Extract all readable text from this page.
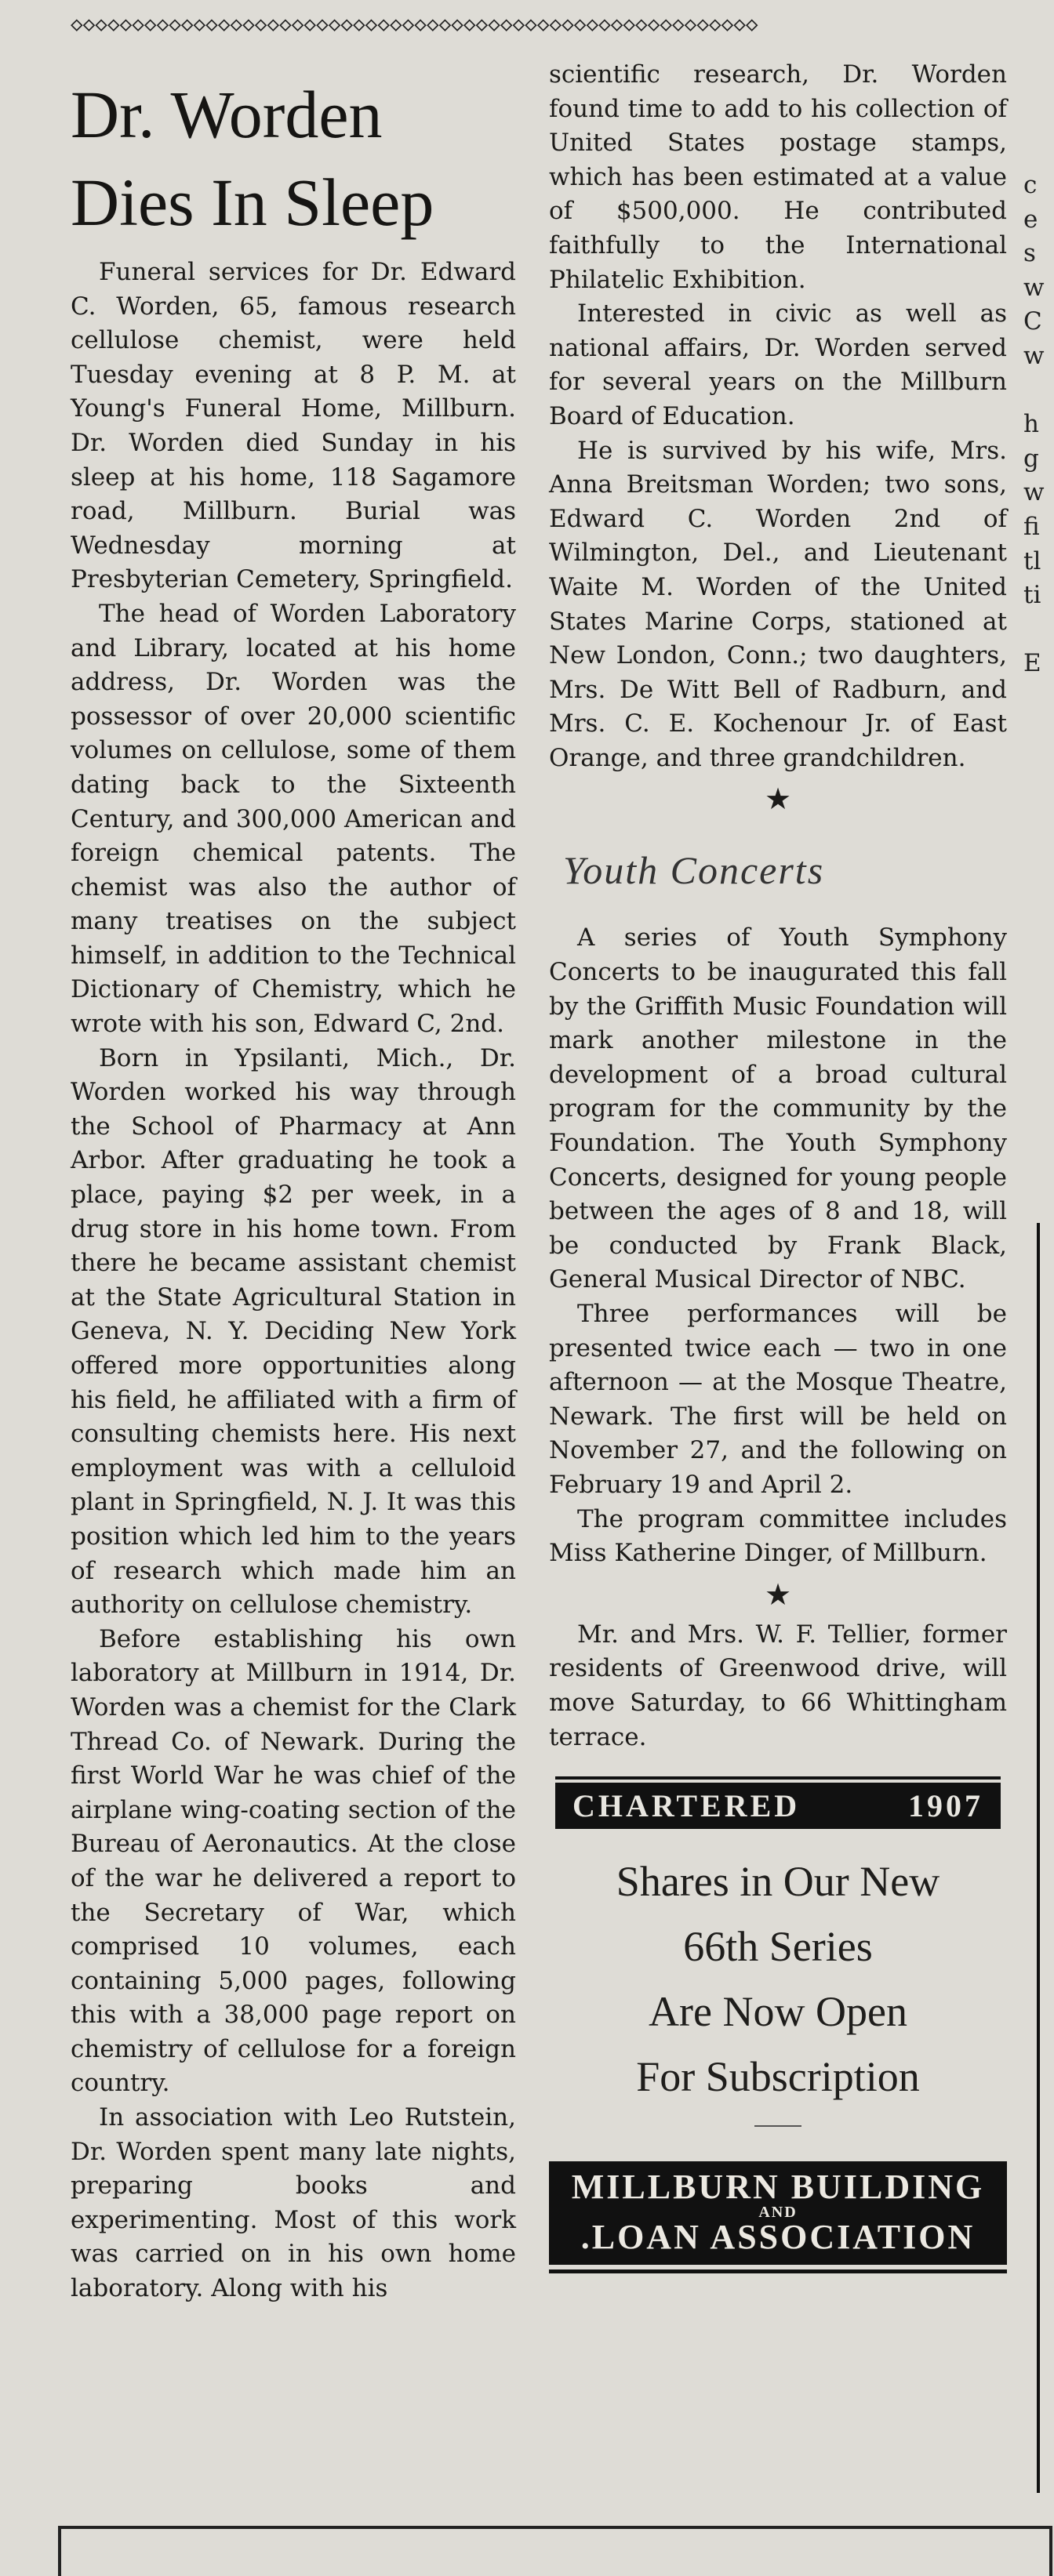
◇◇◇◇◇◇◇◇◇◇◇◇◇◇◇◇◇◇◇◇◇◇◇◇◇◇◇◇◇◇◇◇◇◇◇◇◇◇◇◇◇◇◇◇◇◇◇◇◇◇◇◇◇◇◇◇
Dr. Worden Dies In Sleep

Funeral services for Dr. Edward C. Worden, 65, famous research cellulose chemist, were held Tuesday evening at 8 P. M. at Young's Funeral Home, Millburn. Dr. Worden died Sunday in his sleep at his home, 118 Sagamore road, Millburn. Burial was Wednesday morning at Presbyterian Cemetery, Springfield.

The head of Worden Laboratory and Library, located at his home address, Dr. Worden was the possessor of over 20,000 scientific volumes on cellulose, some of them dating back to the Sixteenth Century, and 300,000 American and foreign chemical patents. The chemist was also the author of many treatises on the subject himself, in addition to the Technical Dictionary of Chemistry, which he wrote with his son, Edward C, 2nd.

Born in Ypsilanti, Mich., Dr. Worden worked his way through the School of Pharmacy at Ann Arbor. After graduating he took a place, paying $2 per week, in a drug store in his home town. From there he became assistant chemist at the State Agricultural Station in Geneva, N. Y. Deciding New York offered more opportunities along his field, he affiliated with a firm of consulting chemists here. His next employment was with a celluloid plant in Springfield, N. J. It was this position which led him to the years of research which made him an authority on cellulose chemistry.

Before establishing his own laboratory at Millburn in 1914, Dr. Worden was a chemist for the Clark Thread Co. of Newark. During the first World War he was chief of the airplane wing-coating section of the Bureau of Aeronautics. At the close of the war he delivered a report to the Secretary of War, which comprised 10 volumes, each containing 5,000 pages, following this with a 38,000 page report on chemistry of cellulose for a foreign country.

In association with Leo Rutstein, Dr. Worden spent many late nights, preparing books and experimenting. Most of this work was carried on in his own home laboratory. Along with his

scientific research, Dr. Worden found time to add to his collection of United States postage stamps, which has been estimated at a value of $500,000. He contributed faithfully to the International Philatelic Exhibition.

Interested in civic as well as national affairs, Dr. Worden served for several years on the Millburn Board of Education.

He is survived by his wife, Mrs. Anna Breitsman Worden; two sons, Edward C. Worden 2nd of Wilmington, Del., and Lieutenant Waite M. Worden of the United States Marine Corps, stationed at New London, Conn.; two daughters, Mrs. De Witt Bell of Radburn, and Mrs. C. E. Kochenour Jr. of East Orange, and three grandchildren.

★
Youth Concerts

A series of Youth Symphony Concerts to be inaugurated this fall by the Griffith Music Foundation will mark another milestone in the development of a broad cultural program for the community by the Foundation. The Youth Symphony Concerts, designed for young people between the ages of 8 and 18, will be conducted by Frank Black, General Musical Director of NBC.

Three performances will be presented twice each — two in one afternoon — at the Mosque Theatre, Newark. The first will be held on November 27, and the following on February 19 and April 2.

The program committee includes Miss Katherine Dinger, of Millburn.

★

Mr. and Mrs. W. F. Tellier, former residents of Greenwood drive, will move Saturday, to 66 Whittingham terrace.

CHARTERED	1907
Shares in Our New
66th Series
Are Now Open
For Subscription
MILLBURN BUILDING
AND
.LOAN ASSOCIATION
c
e
s
w
C
w

h
g
w
fi
tl
ti

E
